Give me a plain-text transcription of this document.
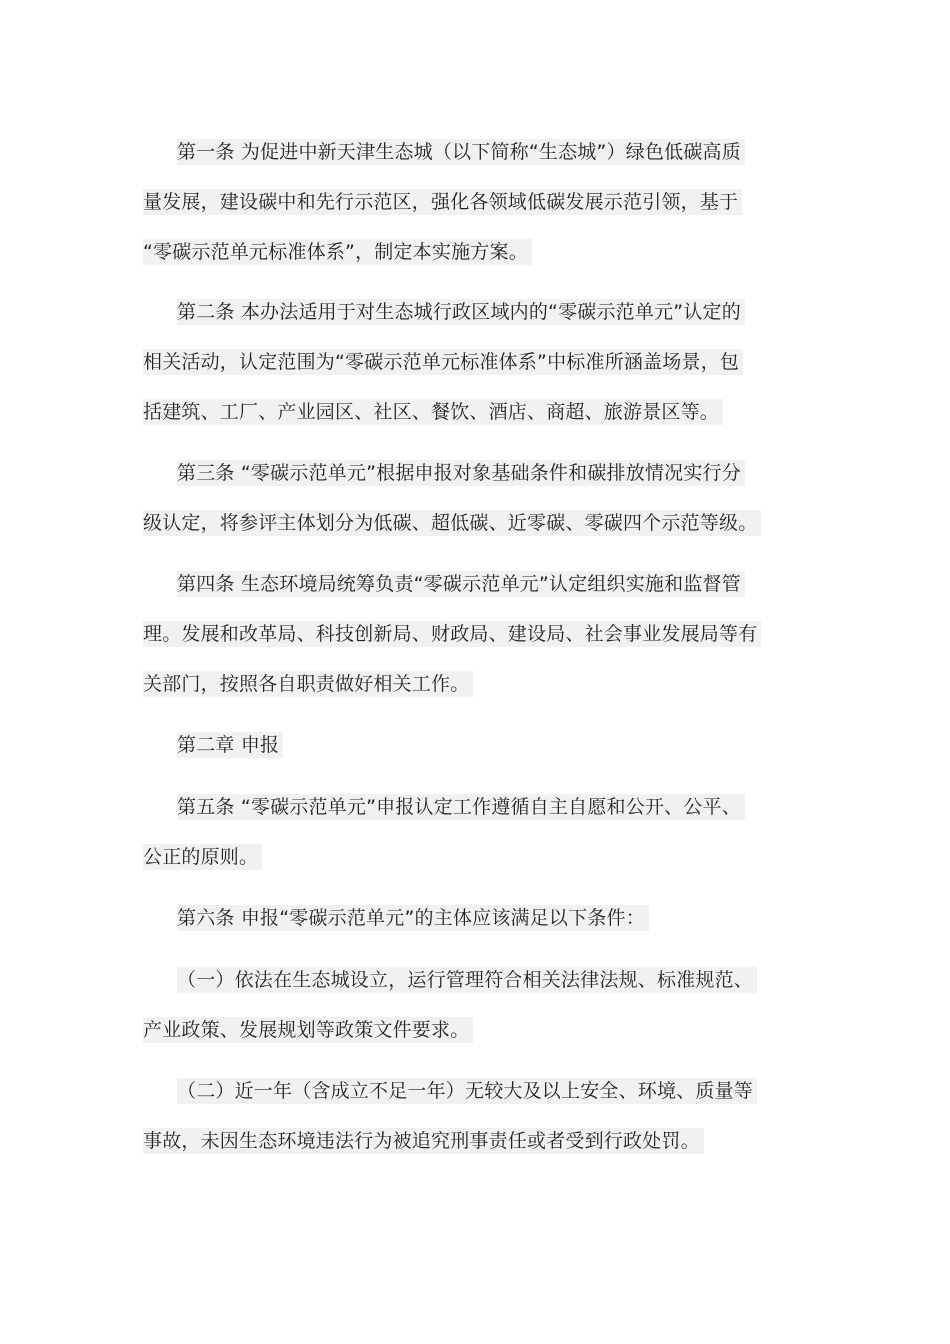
第一条 为促进中新天津生态城（以下简称“生态城”）绿色低碳高质
量发展，建设碳中和先行示范区，强化各领域低碳发展示范引领，基于
“零碳示范单元标准体系”，制定本实施方案。
第二条 本办法适用于对生态城行政区域内的“零碳示范单元”认定的
相关活动，认定范围为“零碳示范单元标准体系”中标准所涵盖场景，包
括建筑、工厂、产业园区、社区、餐饮、酒店、商超、旅游景区等。
第三条 “零碳示范单元”根据申报对象基础条件和碳排放情况实行分
级认定，将参评主体划分为低碳、超低碳、近零碳、零碳四个示范等级。
第四条 生态环境局统筹负责“零碳示范单元”认定组织实施和监督管
理。发展和改革局、科技创新局、财政局、建设局、社会事业发展局等有
关部门，按照各自职责做好相关工作。
第二章 申报
第五条 “零碳示范单元”申报认定工作遵循自主自愿和公开、公平、
公正的原则。
第六条 申报“零碳示范单元”的主体应该满足以下条件：
（一）依法在生态城设立，运行管理符合相关法律法规、标准规范、
产业政策、发展规划等政策文件要求。
（二）近一年（含成立不足一年）无较大及以上安全、环境、质量等
事故，未因生态环境违法行为被追究刑事责任或者受到行政处罚。
